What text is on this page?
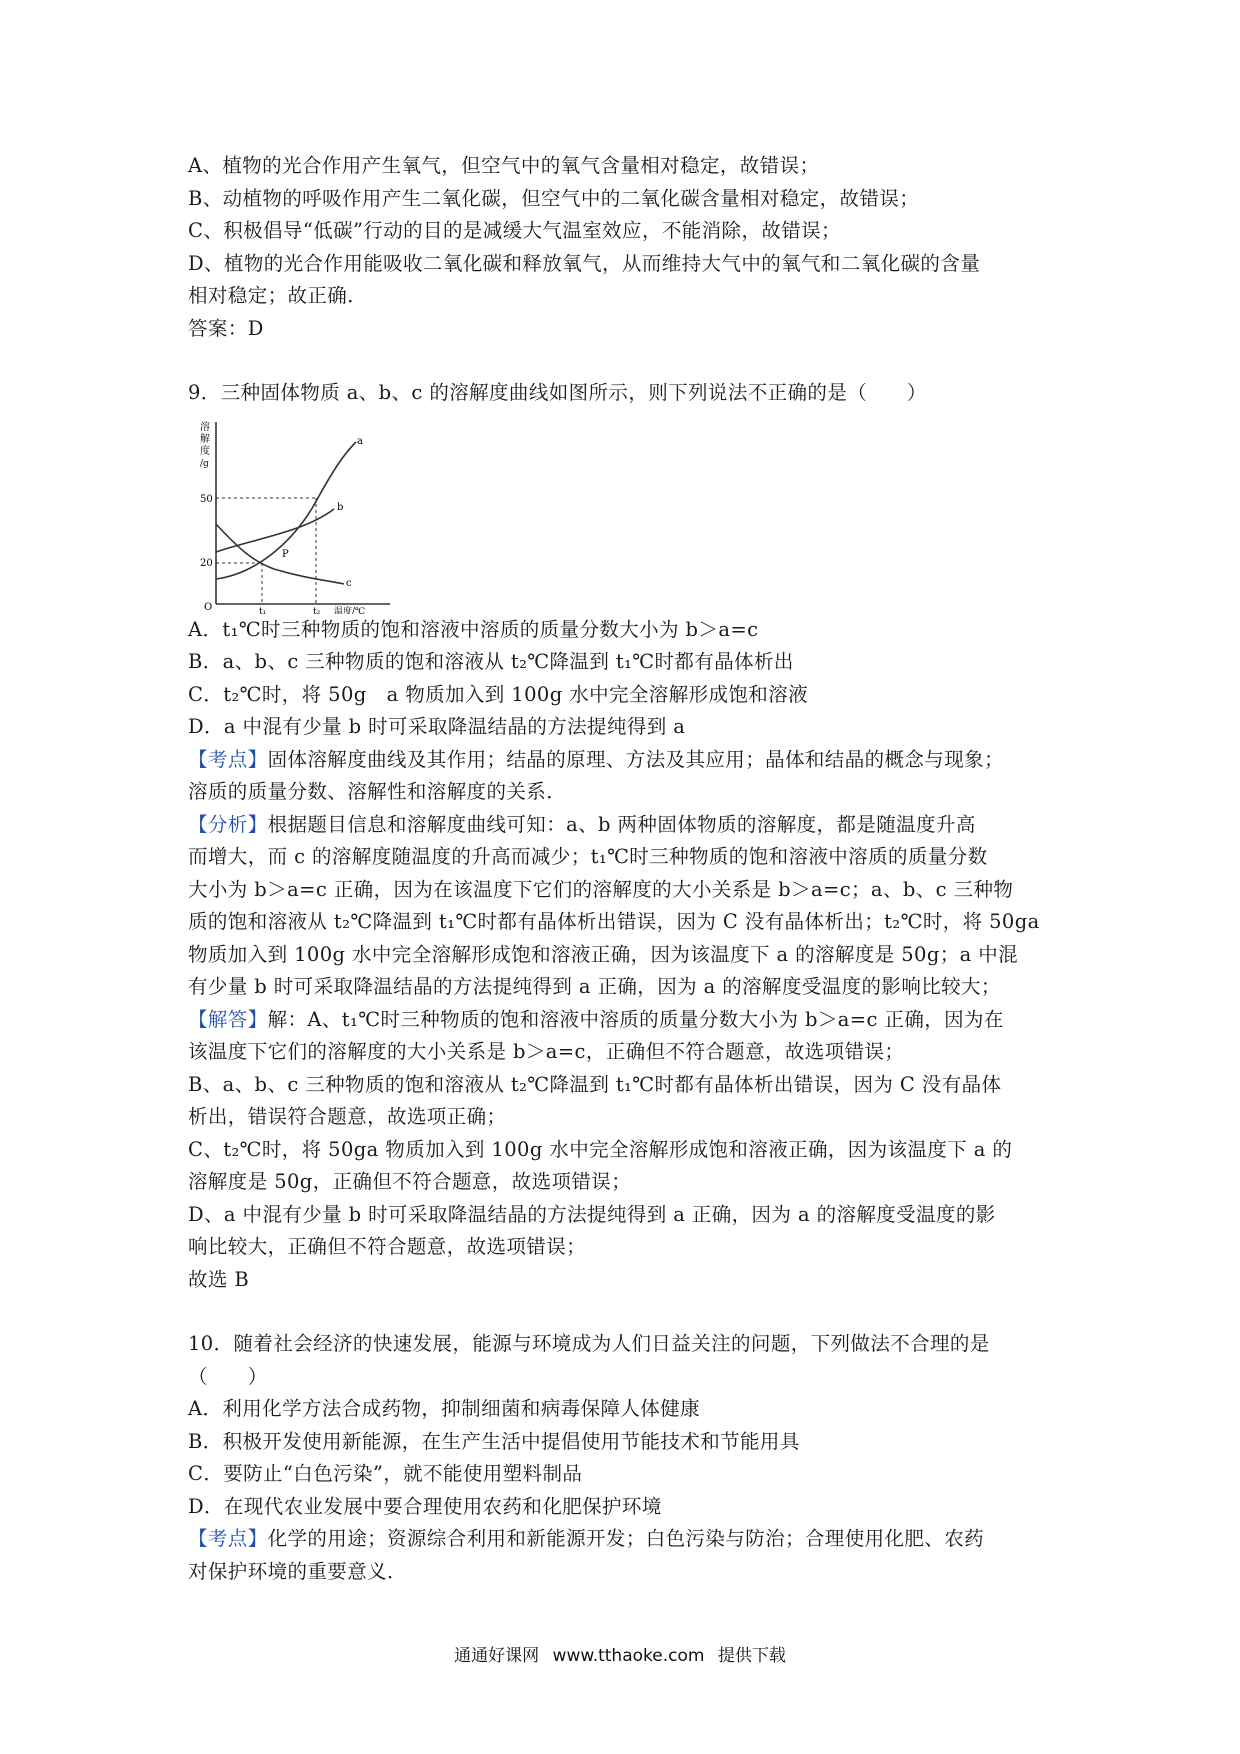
A、植物的光合作用产生氧气，但空气中的氧气含量相对稳定，故错误；

B、动植物的呼吸作用产生二氧化碳，但空气中的二氧化碳含量相对稳定，故错误；

C、积极倡导“低碳”行动的目的是减缓大气温室效应，不能消除，故错误；

D、植物的光合作用能吸收二氧化碳和释放氧气，从而维持大气中的氧气和二氧化碳的含量

相对稳定；故正确．

答案：D

9．三种固体物质 a、b、c 的溶解度曲线如图所示，则下列说法不正确的是（　　）

溶
解
度
/g
50
20
O	t₁	t₂ 温度/℃
a
b
c
P

A．t₁℃时三种物质的饱和溶液中溶质的质量分数大小为 b＞a=c

B．a、b、c 三种物质的饱和溶液从 t₂℃降温到 t₁℃时都有晶体析出

C．t₂℃时，将 50g　a 物质加入到 100g 水中完全溶解形成饱和溶液

D．a 中混有少量 b 时可采取降温结晶的方法提纯得到 a

【考点】固体溶解度曲线及其作用；结晶的原理、方法及其应用；晶体和结晶的概念与现象；

溶质的质量分数、溶解性和溶解度的关系．

【分析】根据题目信息和溶解度曲线可知：a、b 两种固体物质的溶解度，都是随温度升高

而增大，而 c 的溶解度随温度的升高而减少；t₁℃时三种物质的饱和溶液中溶质的质量分数

大小为 b＞a=c 正确，因为在该温度下它们的溶解度的大小关系是 b＞a=c；a、b、c 三种物

质的饱和溶液从 t₂℃降温到 t₁℃时都有晶体析出错误，因为 C 没有晶体析出；t₂℃时，将 50ga

物质加入到 100g 水中完全溶解形成饱和溶液正确，因为该温度下 a 的溶解度是 50g；a 中混

有少量 b 时可采取降温结晶的方法提纯得到 a 正确，因为 a 的溶解度受温度的影响比较大；

【解答】解：A、t₁℃时三种物质的饱和溶液中溶质的质量分数大小为 b＞a=c 正确，因为在

该温度下它们的溶解度的大小关系是 b＞a=c，正确但不符合题意，故选项错误；

B、a、b、c 三种物质的饱和溶液从 t₂℃降温到 t₁℃时都有晶体析出错误，因为 C 没有晶体

析出，错误符合题意，故选项正确；

C、t₂℃时，将 50ga 物质加入到 100g 水中完全溶解形成饱和溶液正确，因为该温度下 a 的

溶解度是 50g，正确但不符合题意，故选项错误；

D、a 中混有少量 b 时可采取降温结晶的方法提纯得到 a 正确，因为 a 的溶解度受温度的影

响比较大，正确但不符合题意，故选项错误；

故选 B

10．随着社会经济的快速发展，能源与环境成为人们日益关注的问题，下列做法不合理的是

（　　）

A．利用化学方法合成药物，抑制细菌和病毒保障人体健康

B．积极开发使用新能源，在生产生活中提倡使用节能技术和节能用具

C．要防止“白色污染”，就不能使用塑料制品

D．在现代农业发展中要合理使用农药和化肥保护环境

【考点】化学的用途；资源综合利用和新能源开发；白色污染与防治；合理使用化肥、农药

对保护环境的重要意义．

通通好课网 www.tthaoke.com 提供下载
